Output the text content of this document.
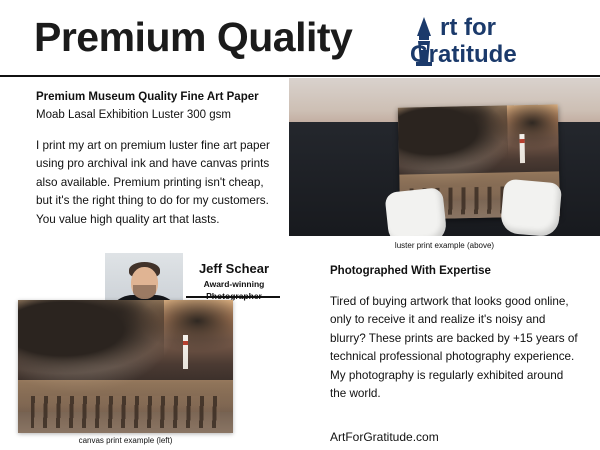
Premium Quality	rt for
Gratitude

Premium Museum Quality Fine Art Paper

Moab Lasal Exhibition Luster 300 gsm

I print my art on premium luster fine art paper using pro archival ink and have canvas prints also available. Premium printing isn't cheap, but it's the right thing to do for my customers. You value high quality art that lasts.

luster print example (above)
Jeff Schear
Award-winning
canvas print example (left)

Photographed With Expertise

Tired of buying artwork that looks good online, only to receive it and realize it's noisy and blurry? These prints are backed by +15 years of technical professional photography experience. My photography is regularly exhibited around the world.

ArtForGratitude.com
